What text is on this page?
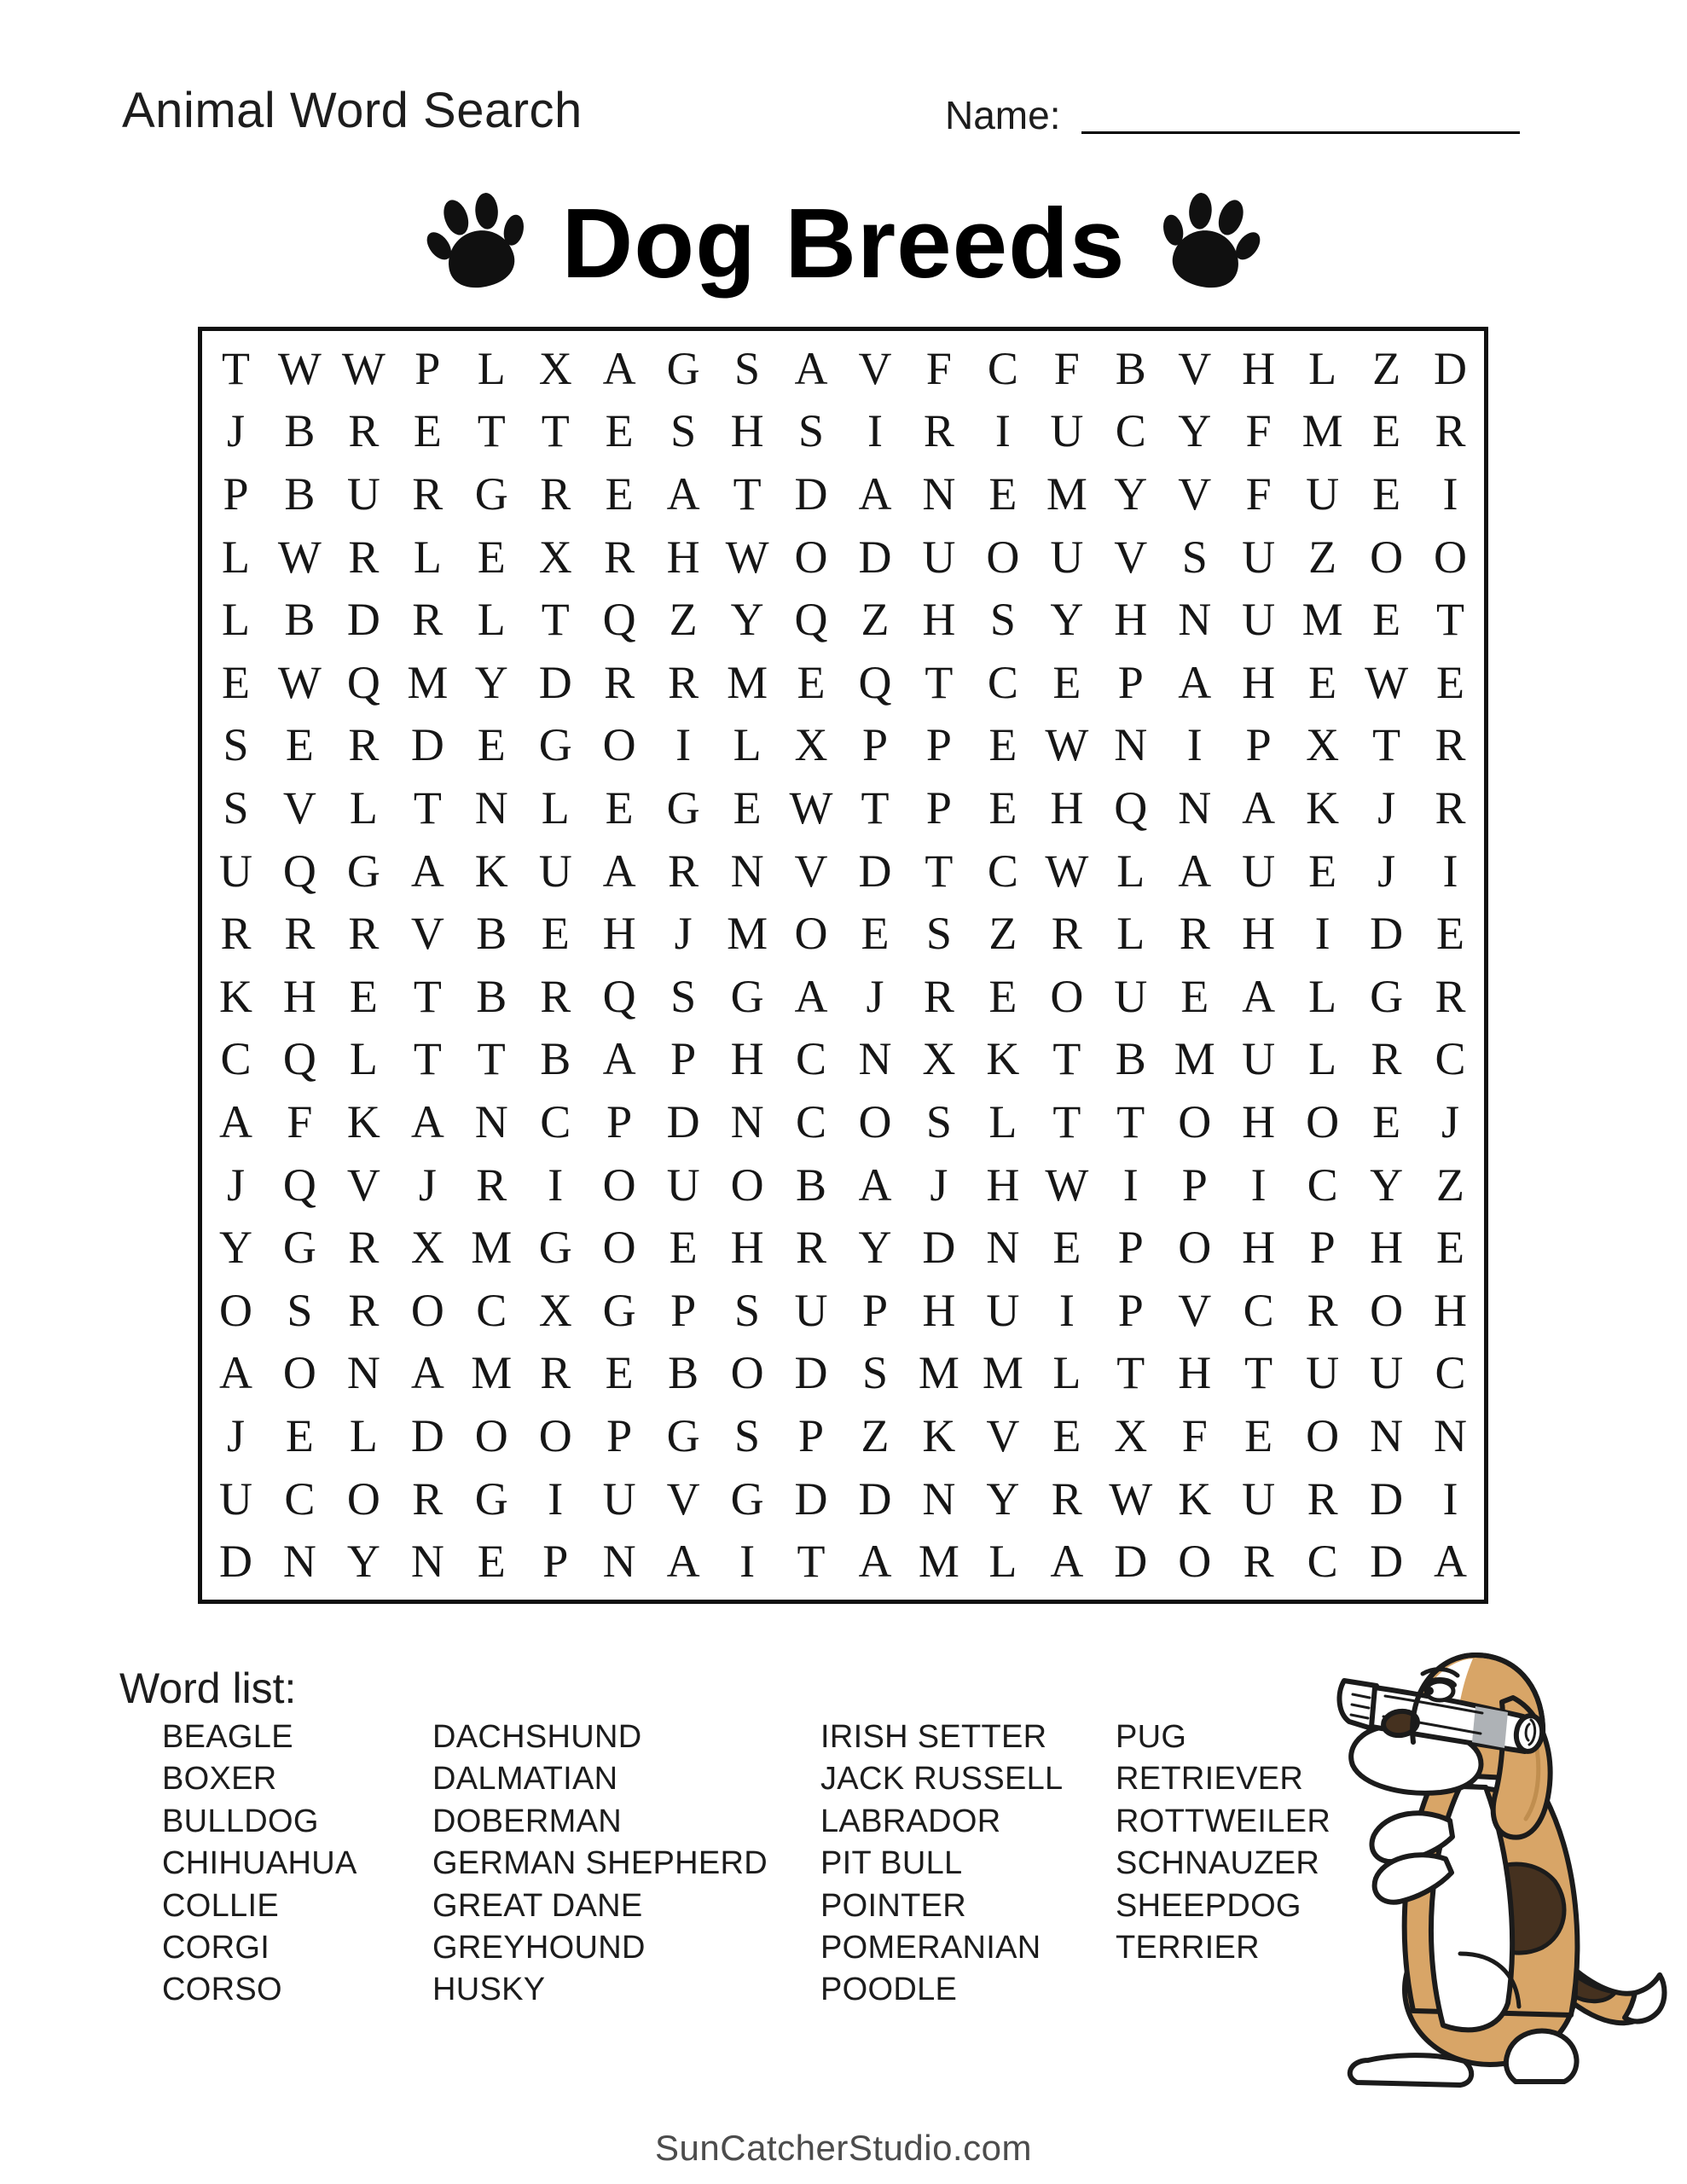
Animal Word Search	Name:
Dog Breeds
T W W P L X A G S A V F C F B V H L Z D
J B R E T T E S H S I R I U C Y F M E R
P B U R G R E A T D A N E M Y V F U E I
L W R L E X R H W O D U O U V S U Z O O
L B D R L T Q Z Y Q Z H S Y H N U M E T
E W Q M Y D R R M E Q T C E P A H E W E
S E R D E G O I L X P P E W N I P X T R
S V L T N L E G E W T P E H Q N A K J R
U Q G A K U A R N V D T C W L A U E J	I
R R R V B E H J M O E S Z R L R H I D E
K H E T B R Q S G A J R E O U E A L G R
C Q L T T B A P H C N X K T B M U L R C
A F K A N C P D N C O S L T T O H O E J
J Q V J R I O U O B A J H W I P I C Y Z
Y G R X M G O E H R Y D N E P O H P H E
O S R O C X G P S U P H U I P V C R O H
A O N A M R E B O D S M M L T H T U U C
J E L D O O P G S P Z K V E X F E O N N
U C O R G I U V G D D N Y R W K U R D I
D N Y N E P N A I T A M L A D O R C D A
Word list:
BEAGLE
BOXER
BULLDOG
CHIHUAHUA
COLLIE
CORGI
CORSO
DACHSHUND
DALMATIAN
DOBERMAN
GERMAN SHEPHERD
GREAT DANE
GREYHOUND
HUSKY
IRISH SETTER
JACK RUSSELL
LABRADOR
PIT BULL
POINTER
POMERANIAN
POODLE
PUG
RETRIEVER
ROTTWEILER
SCHNAUZER
SHEEPDOG
TERRIER
SunCatcherStudio.com
